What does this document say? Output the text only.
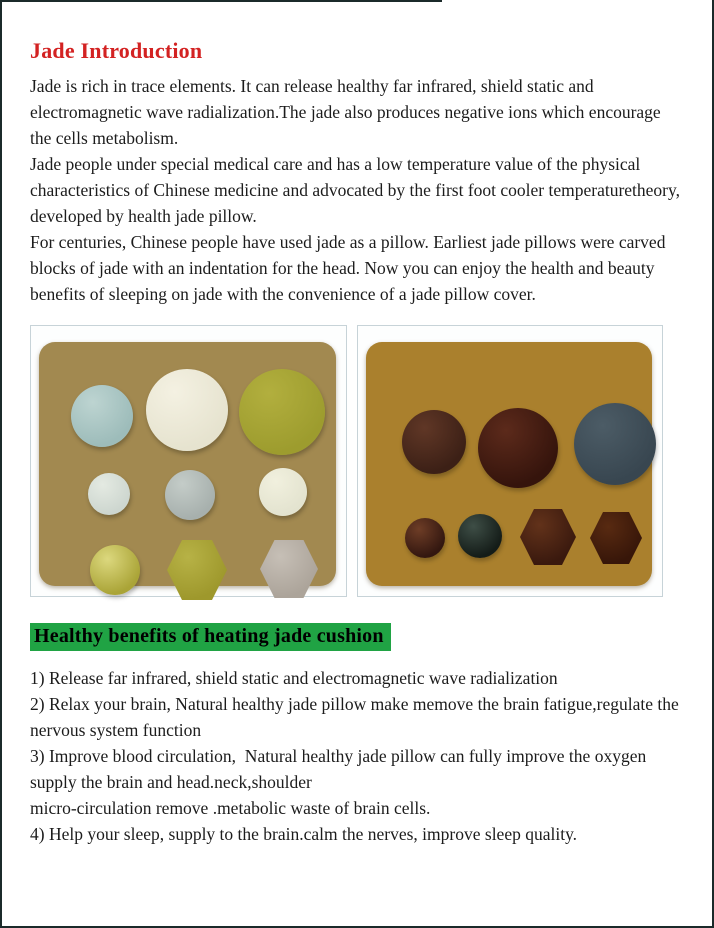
Jade Introduction
Jade is rich in trace elements. It can release healthy far infrared, shield static and electromagnetic wave radialization.The jade also produces negative ions which encourage the cells metabolism.
Jade people under special medical care and has a low temperature value of the physical characteristics of Chinese medicine and advocated by the first foot cooler temperaturetheory, developed by health jade pillow.
For centuries, Chinese people have used jade as a pillow. Earliest jade pillows were carved blocks of jade with an indentation for the head. Now you can enjoy the health and beauty benefits of sleeping on jade with the convenience of a jade pillow cover.
Healthy benefits of heating jade cushion
1) Release far infrared, shield static and electromagnetic wave radialization
2) Relax your brain, Natural healthy jade pillow make memove the brain fatigue,regulate the nervous system function
3) Improve blood circulation,  Natural healthy jade pillow can fully improve the oxygen supply the brain and head.neck,shoulder
micro-circulation remove .metabolic waste of brain cells.
4) Help your sleep, supply to the brain.calm the nerves, improve sleep quality.
